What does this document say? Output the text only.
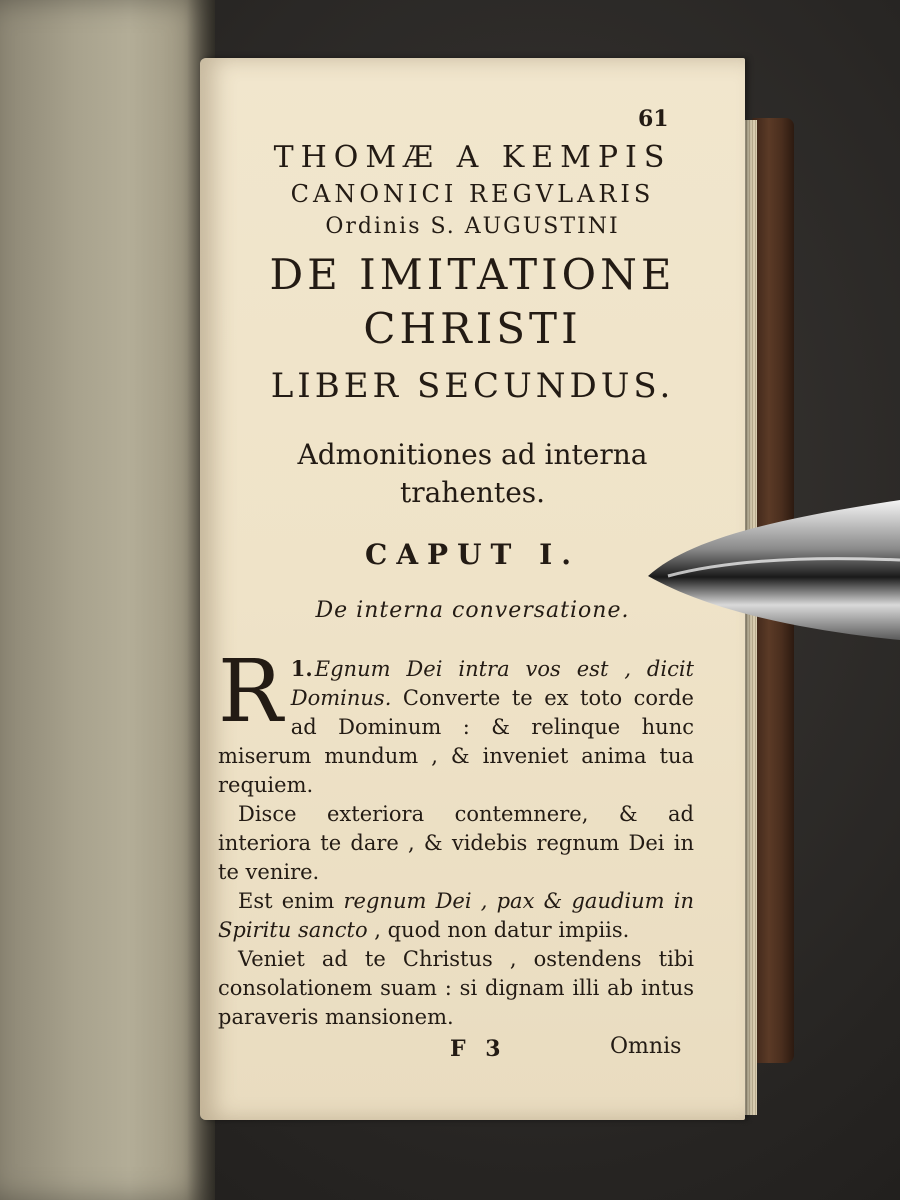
61
THOMÆ A KEMPIS
CANONICI REGVLARIS
Ordinis S. AUGUSTINI
DE IMITATIONE
CHRISTI
LIBER SECUNDUS.
Admonitiones ad interna
trahentes.
CAPUT I.
De interna conversatione.

1.
R Egnum Dei intra vos est , dicit Dominus. Converte te ex toto corde ad Dominum : & relinque hunc miserum mundum , & inveniet anima tua requiem.

Disce exteriora contemnere, & ad interiora te dare , & videbis regnum Dei in te venire.
Est enim regnum Dei , pax & gaudium in Spiritu sancto , quod non datur impiis.
Veniet ad te Christus , ostendens tibi consolationem suam : si dignam illi ab intus paraveris mansionem.
F 3	Omnis
